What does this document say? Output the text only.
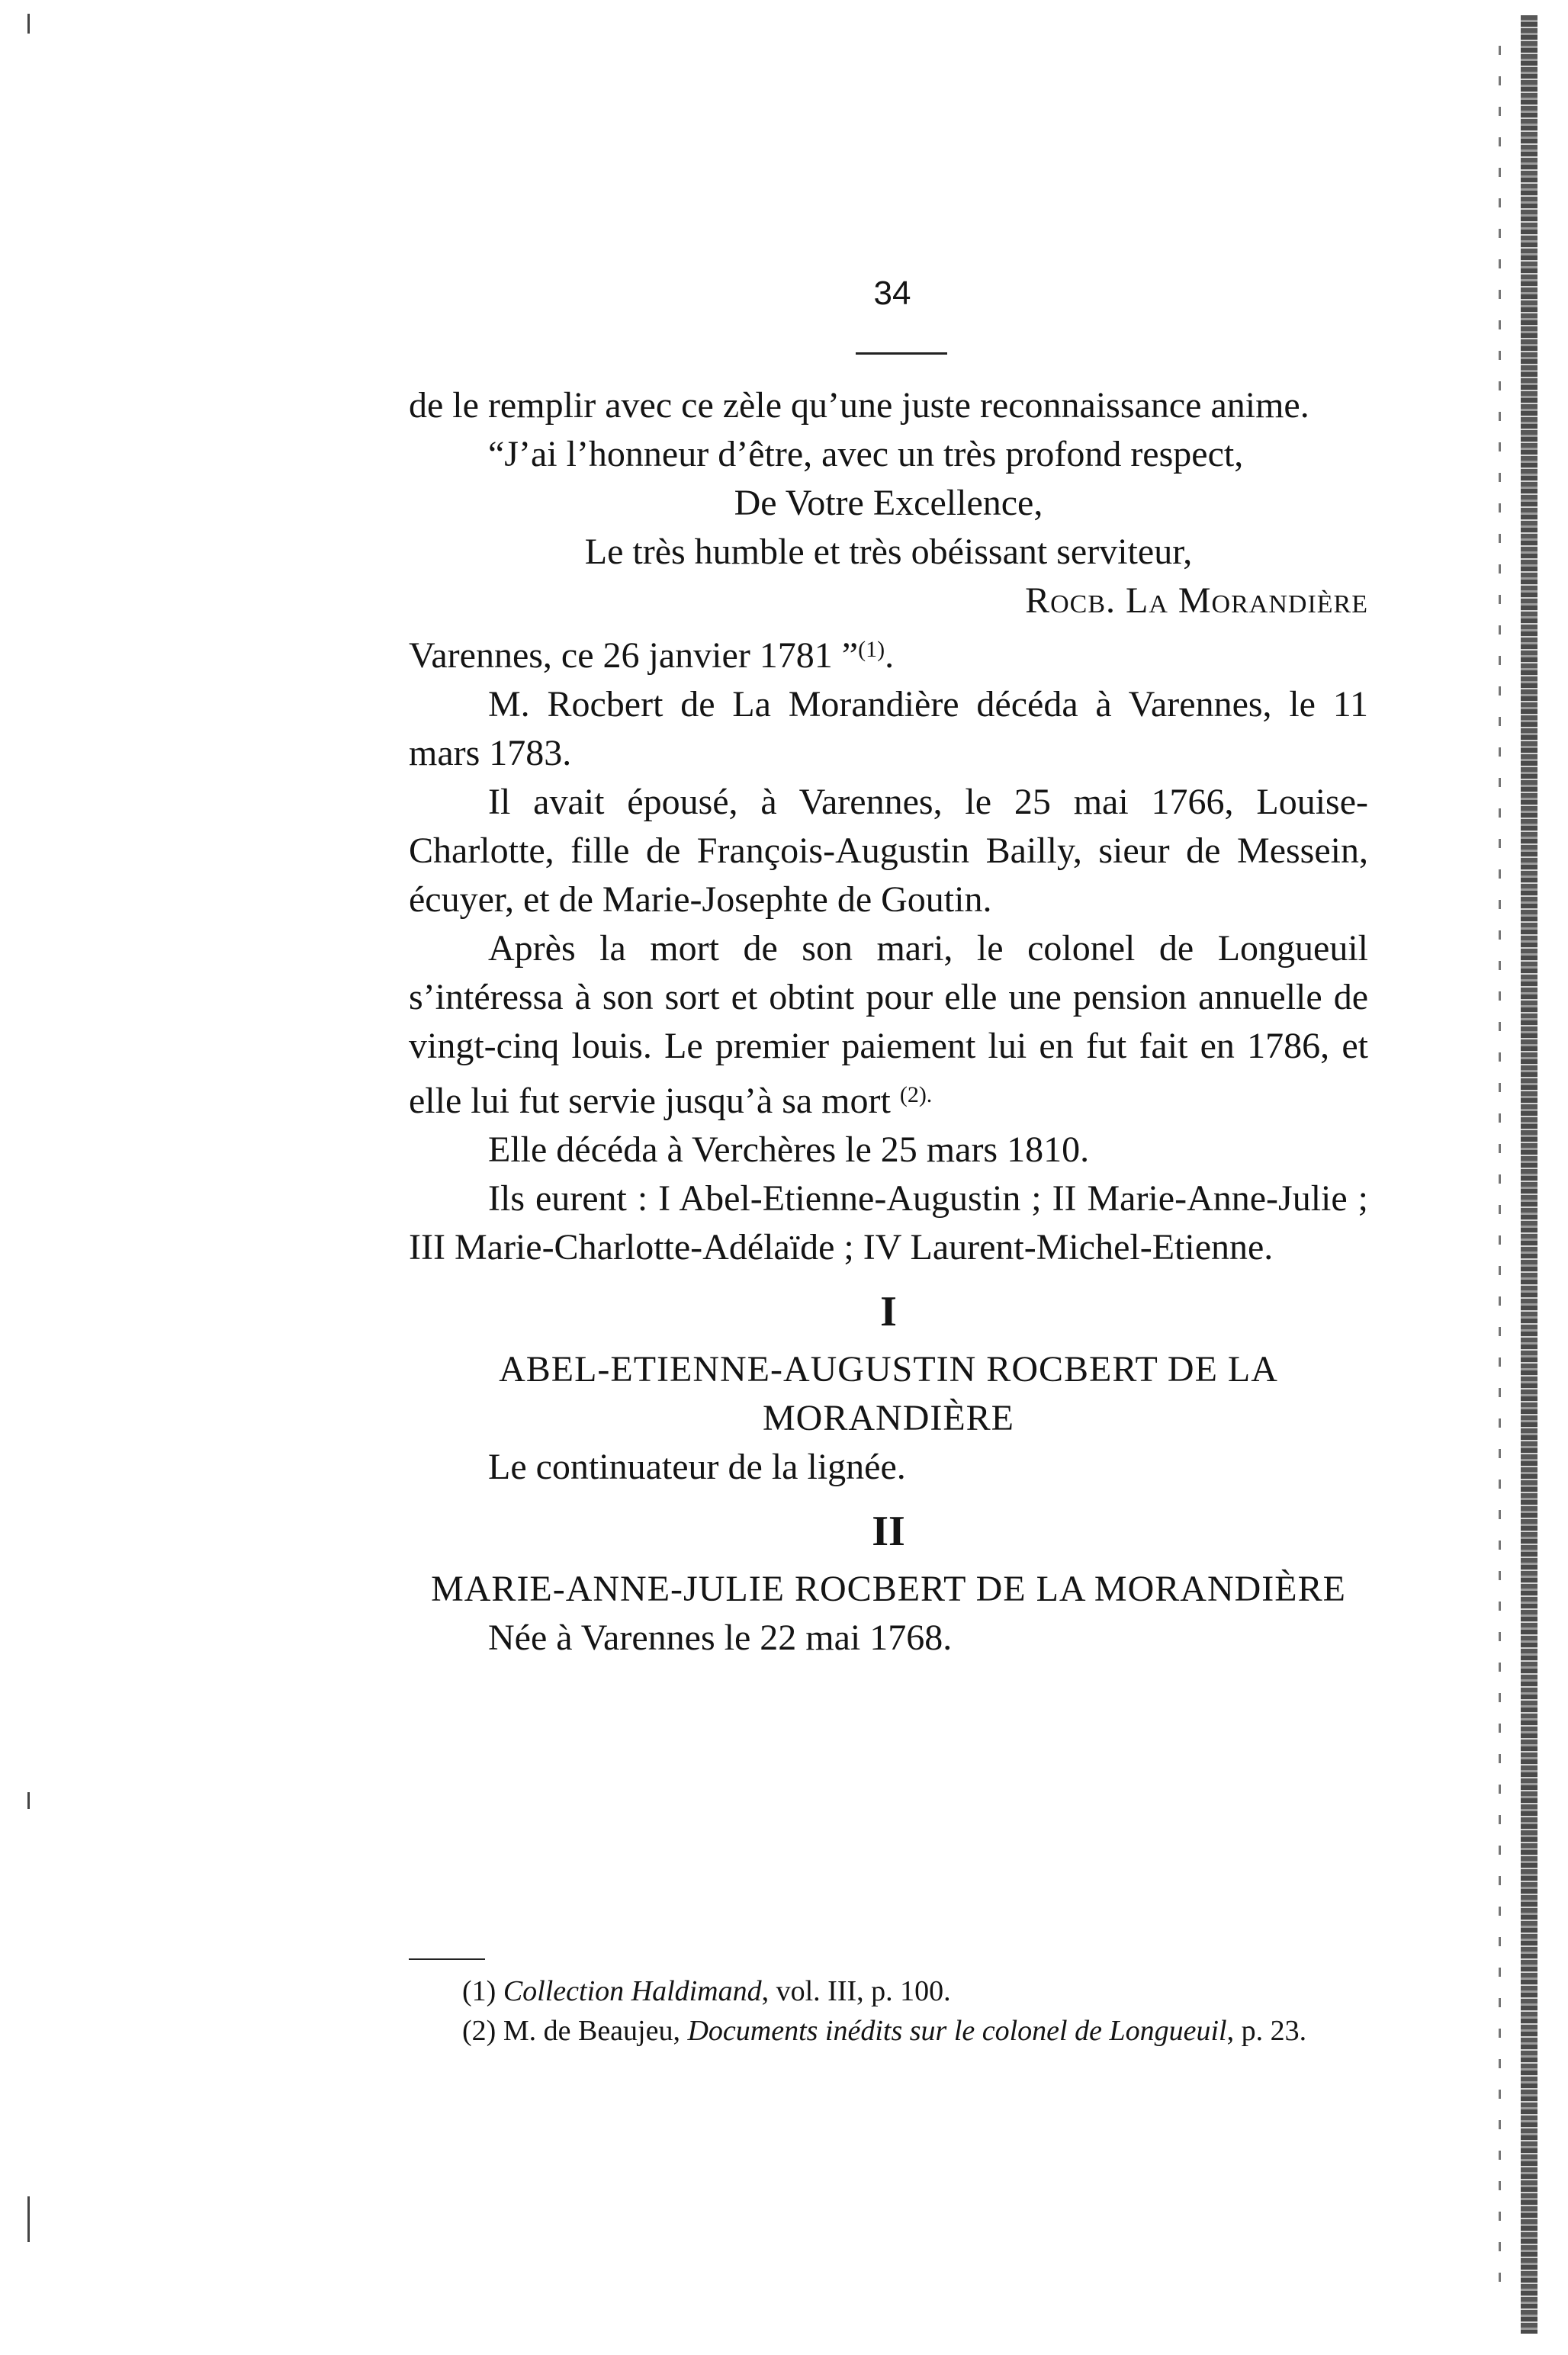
34

de le remplir avec ce zèle qu’une juste reconnaissance anime.

“J’ai l’honneur d’être, avec un très profond respect,

De Votre Excellence,

Le très humble et très obéissant serviteur,

Rocb. La Morandière

Varennes, ce 26 janvier 1781 ”$^{(1)}$.

M. Rocbert de La Morandière décéda à Varennes, le 11 mars 1783.

Il avait épousé, à Varennes, le 25 mai 1766, Louise-Charlotte, fille de François-Augustin Bailly, sieur de Messein, écuyer, et de Marie-Josephte de Goutin.

Après la mort de son mari, le colonel de Longueuil s’intéressa à son sort et obtint pour elle une pension annuelle de vingt-cinq louis. Le premier paiement lui en fut fait en 1786, et elle lui fut servie jusqu’à sa mort $^{(2).}$

Elle décéda à Verchères le 25 mars 1810.

Ils eurent : I Abel-Etienne-Augustin ; II Marie-Anne-Julie ; III Marie-Charlotte-Adélaïde ; IV Laurent-Michel-Etienne.

I

ABEL-ETIENNE-AUGUSTIN ROCBERT DE LA MORANDIÈRE

Le continuateur de la lignée.

II

MARIE-ANNE-JULIE ROCBERT DE LA MORANDIÈRE

Née à Varennes le 22 mai 1768.

(1) Collection Haldimand, vol. III, p. 100.

(2) M. de Beaujeu, Documents inédits sur le colonel de Longueuil, p. 23.
